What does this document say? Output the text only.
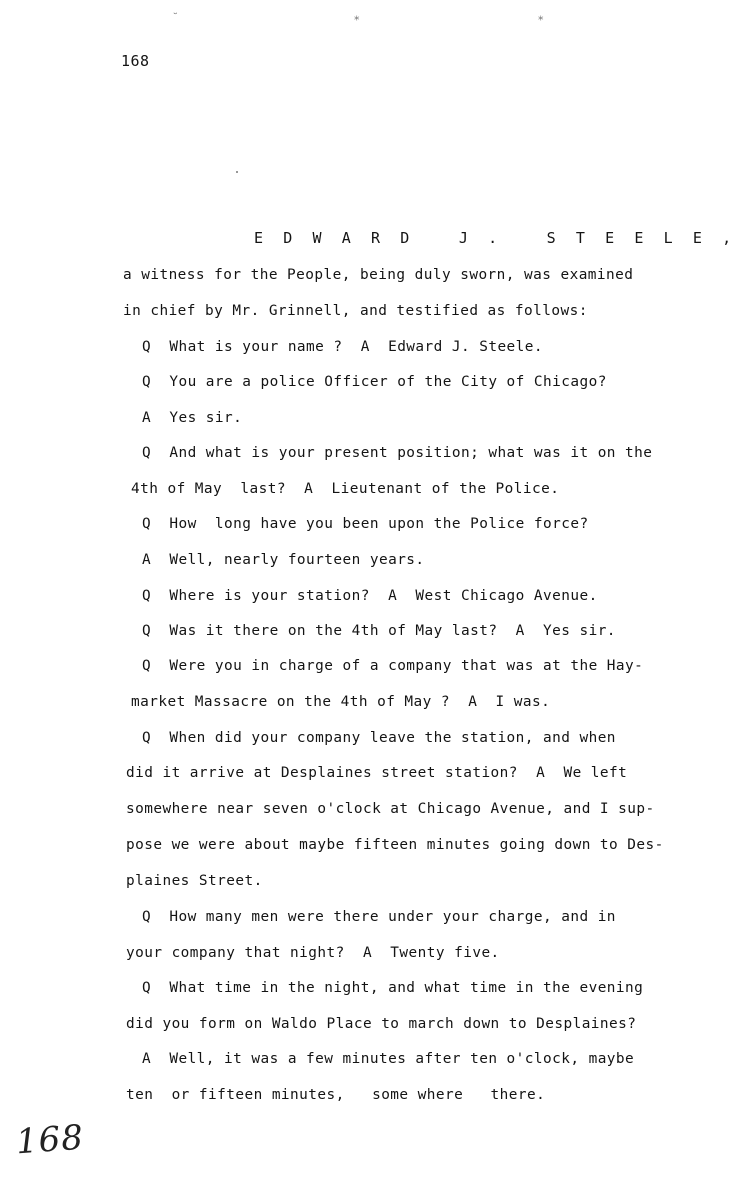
˘	⁎	⁎
168
E D W A R D   J .   S T E E L E ,
a witness for the People, being duly sworn, was examined
in chief by Mr. Grinnell, and testified as follows:
Q  What is your name ?  A  Edward J. Steele.
Q  You are a police Officer of the City of Chicago?
A  Yes sir.
Q  And what is your present position; what was it on the
4th of May  last?  A  Lieutenant of the Police.
Q  How  long have you been upon the Police force?
A  Well, nearly fourteen years.
Q  Where is your station?  A  West Chicago Avenue.
Q  Was it there on the 4th of May last?  A  Yes sir.
Q  Were you in charge of a company that was at the Hay-
market Massacre on the 4th of May ?  A  I was.
Q  When did your company leave the station, and when
did it arrive at Desplaines street station?  A  We left
somewhere near seven o'clock at Chicago Avenue, and I sup-
pose we were about maybe fifteen minutes going down to Des-
plaines Street.
Q  How many men were there under your charge, and in
your company that night?  A  Twenty five.
Q  What time in the night, and what time in the evening
did you form on Waldo Place to march down to Desplaines?
A  Well, it was a few minutes after ten o'clock, maybe
ten  or fifteen minutes,   some where   there.
168
